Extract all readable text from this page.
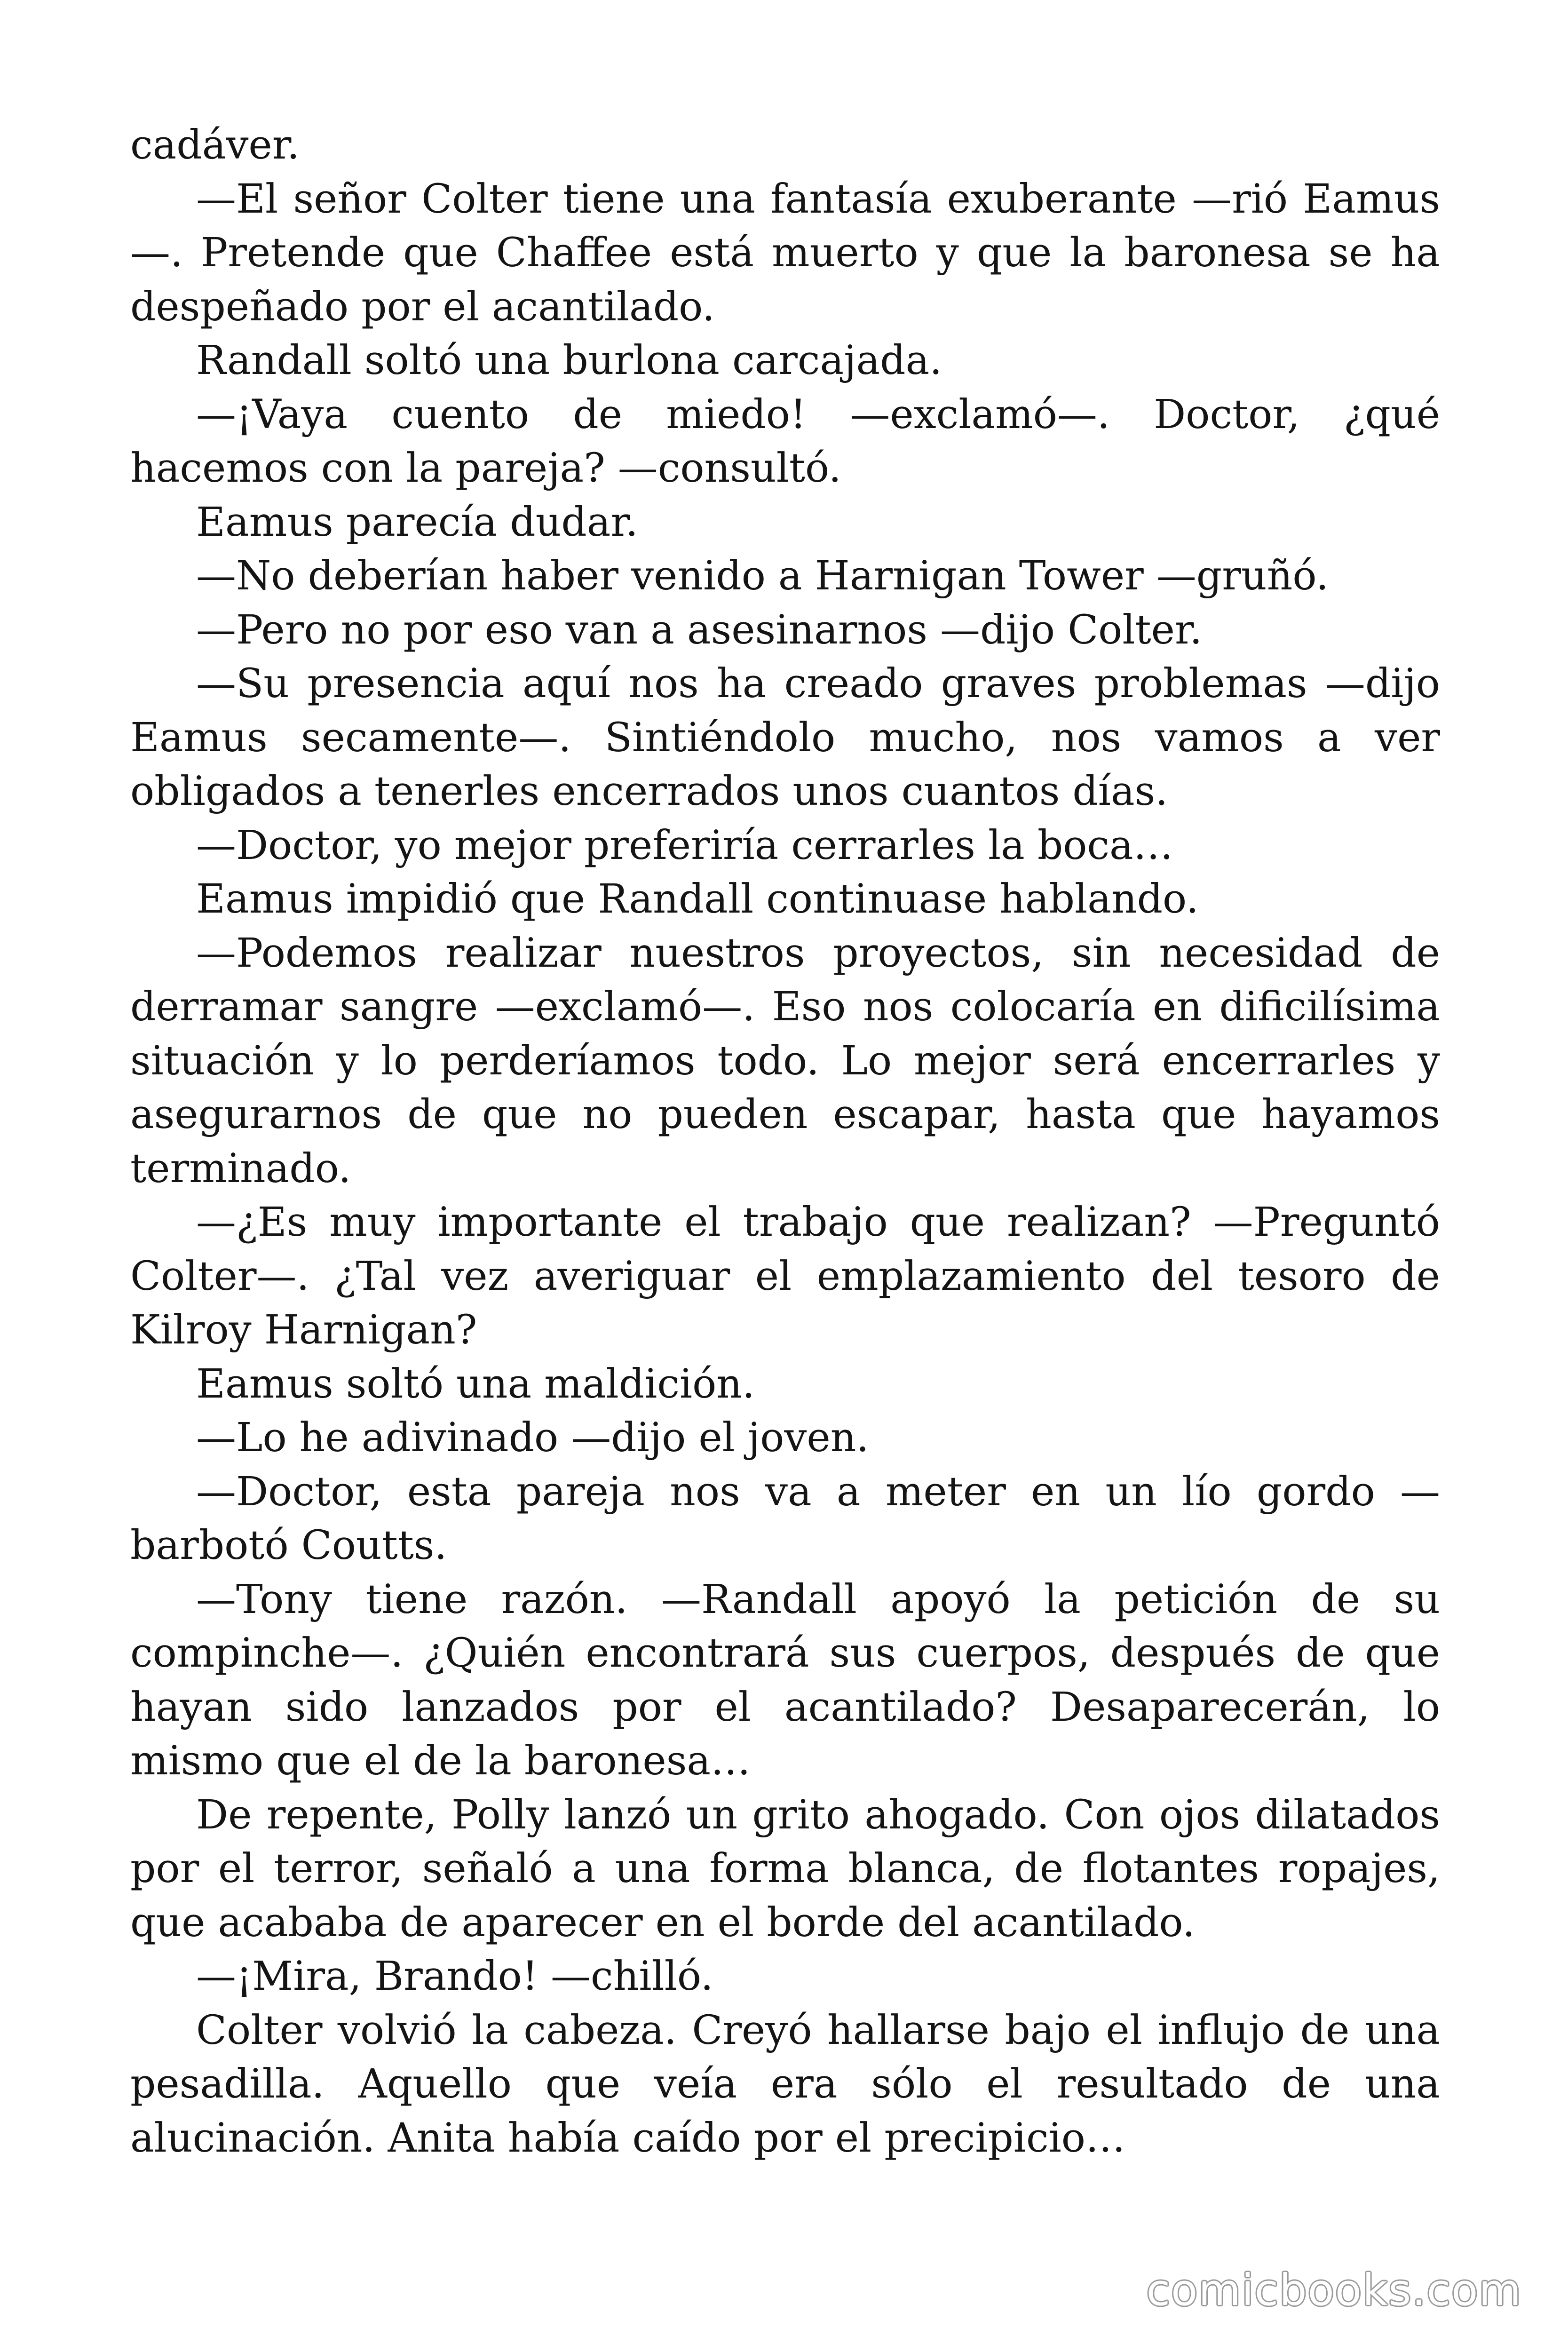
cadáver.

—El señor Colter tiene una fantasía exuberante —rió Eamus—. Pretende que Chaffee está muerto y que la baronesa se ha despeñado por el acantilado.

Randall soltó una burlona carcajada.

—¡Vaya cuento de miedo! —exclamó—. Doctor, ¿qué hacemos con la pareja? —consultó.

Eamus parecía dudar.

—No deberían haber venido a Harnigan Tower —gruñó.

—Pero no por eso van a asesinarnos —dijo Colter.

—Su presencia aquí nos ha creado graves problemas —dijo Eamus secamente—. Sintiéndolo mucho, nos vamos a ver obligados a tenerles encerrados unos cuantos días.

—Doctor, yo mejor preferiría cerrarles la boca…

Eamus impidió que Randall continuase hablando.

—Podemos realizar nuestros proyectos, sin necesidad de derramar sangre —exclamó—. Eso nos colocaría en dificilísima situación y lo perderíamos todo. Lo mejor será encerrarles y asegurarnos de que no pueden escapar, hasta que hayamos terminado.

—¿Es muy importante el trabajo que realizan? —Preguntó Colter—. ¿Tal vez averiguar el emplazamiento del tesoro de Kilroy Harnigan?

Eamus soltó una maldición.

—Lo he adivinado —dijo el joven.

—Doctor, esta pareja nos va a meter en un lío gordo —barbotó Coutts.

—Tony tiene razón. —Randall apoyó la petición de su compinche—. ¿Quién encontrará sus cuerpos, después de que hayan sido lanzados por el acantilado? Desaparecerán, lo mismo que el de la baronesa…

De repente, Polly lanzó un grito ahogado. Con ojos dilatados por el terror, señaló a una forma blanca, de flotantes ropajes, que acababa de aparecer en el borde del acantilado.

—¡Mira, Brando! —chilló.

Colter volvió la cabeza. Creyó hallarse bajo el influjo de una pesadilla. Aquello que veía era sólo el resultado de una alucinación. Anita había caído por el precipicio…

comicbooks.com
